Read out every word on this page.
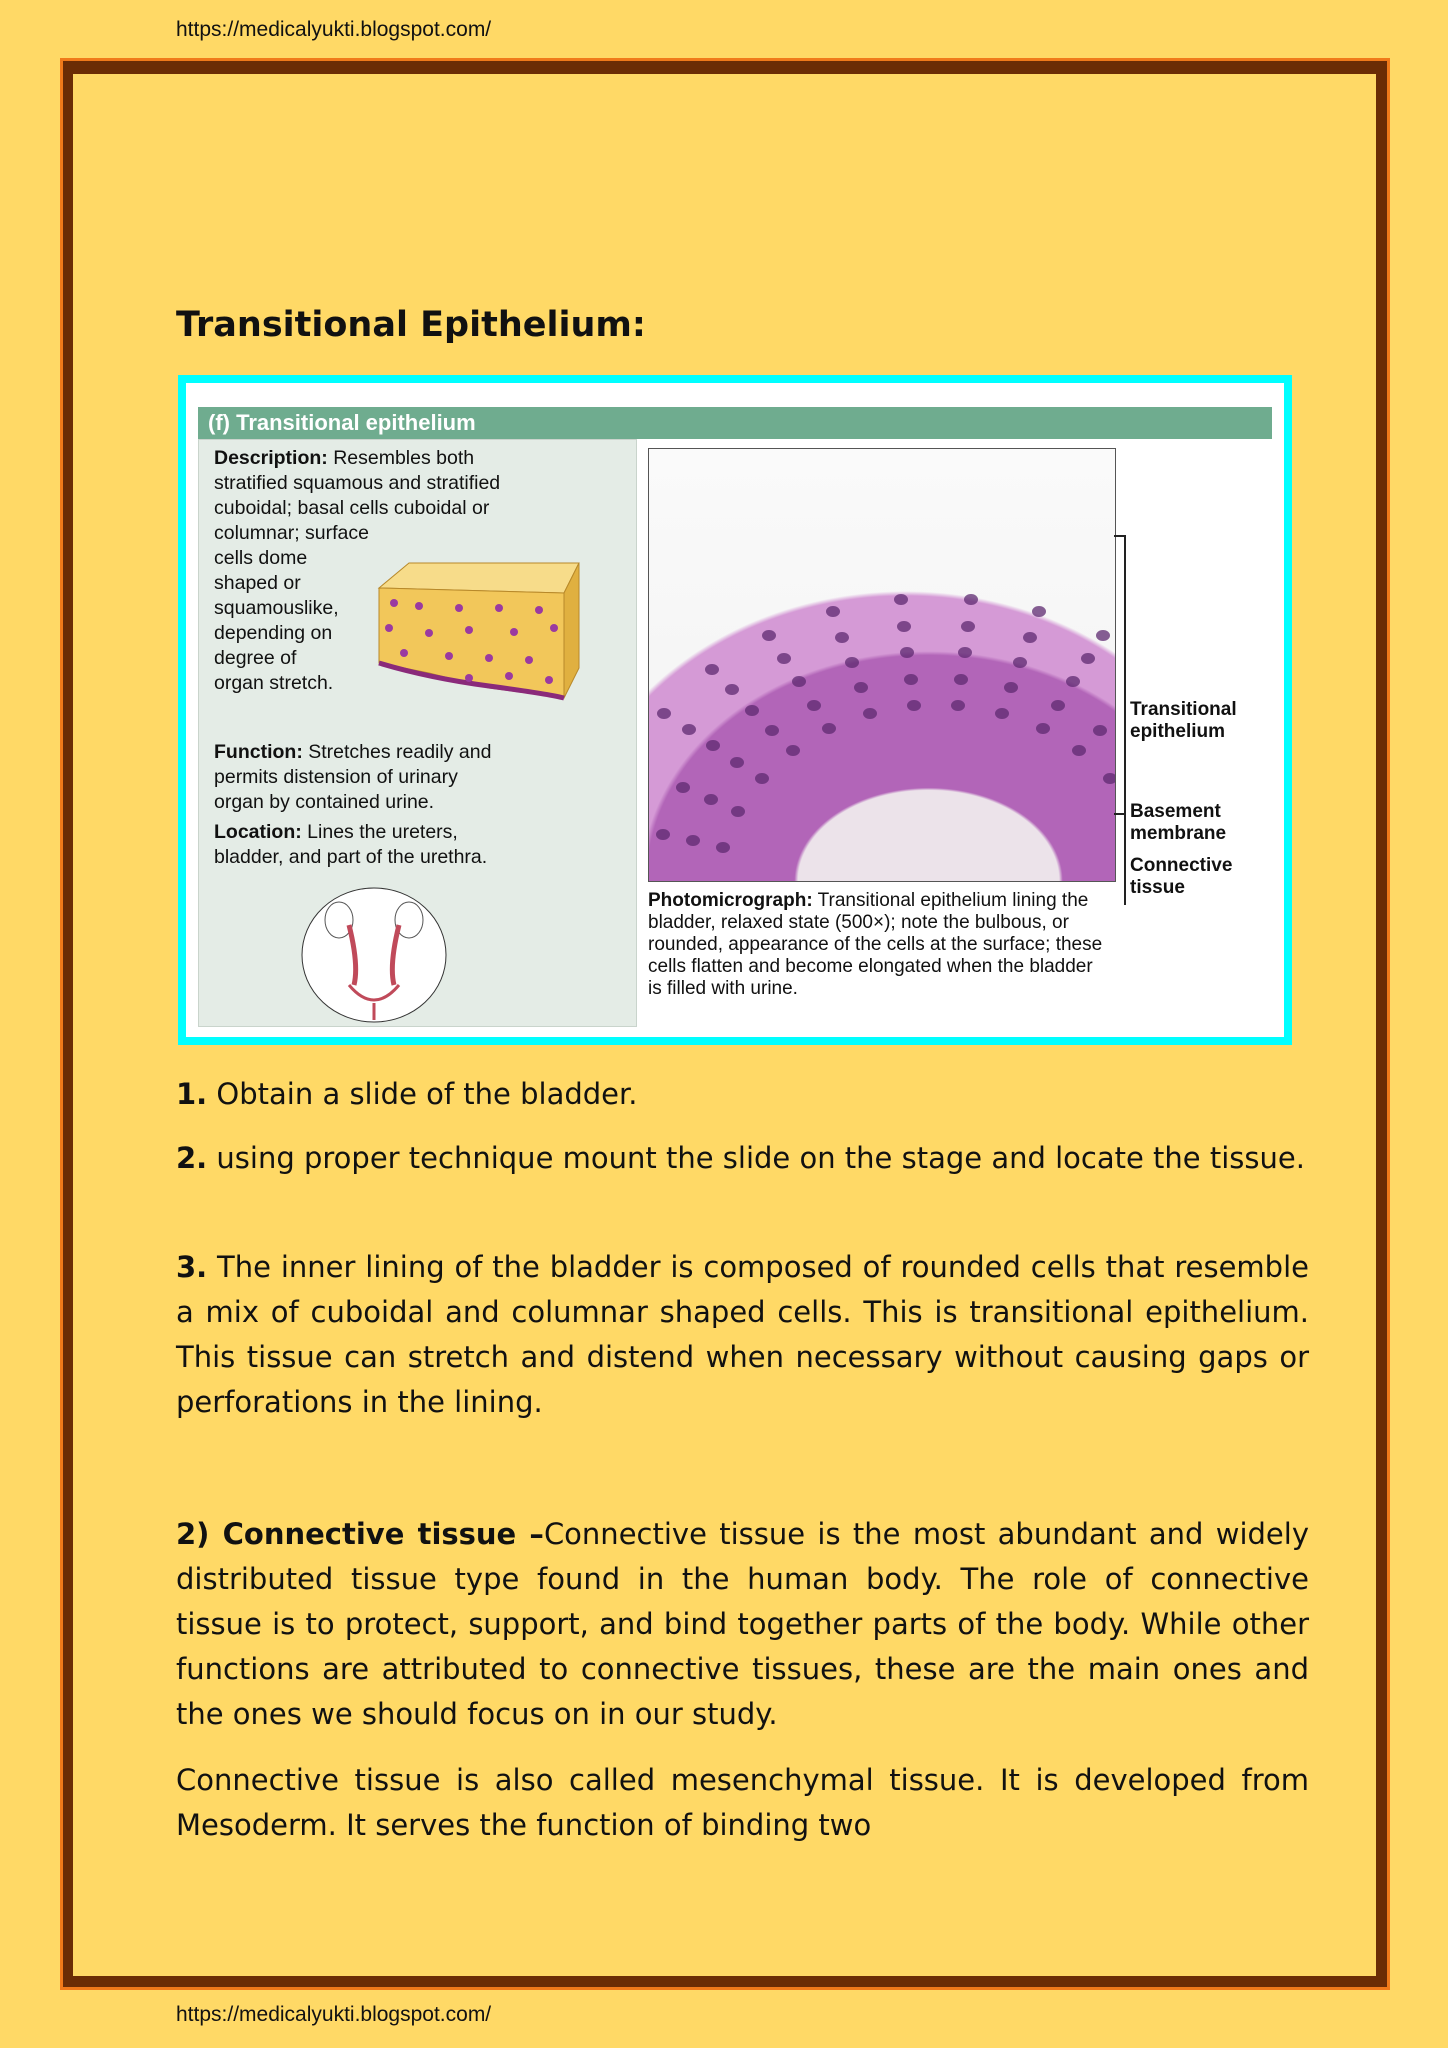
https://medicalyukti.blogspot.com/
Transitional Epithelium:
(f) Transitional epithelium
Description: Resembles both
stratified squamous and stratified
cuboidal; basal cells cuboidal or
columnar; surface
cells dome
shaped or
squamouslike,
depending on
degree of
organ stretch.
Function: Stretches readily and
permits distension of urinary
organ by contained urine.
Location: Lines the ureters,
bladder, and part of the urethra.
Transitional
epithelium
Basement
membrane
Connective
tissue
Photomicrograph: Transitional epithelium lining the
bladder, relaxed state (500×); note the bulbous, or
rounded, appearance of the cells at the surface; these
cells flatten and become elongated when the bladder
is filled with urine.

1. Obtain a slide of the bladder.

2. using proper technique mount the slide on the stage and locate the tissue.

3. The inner lining of the bladder is composed of rounded cells that resemble a mix of cuboidal and columnar shaped cells. This is transitional epithelium. This tissue can stretch and distend when necessary without causing gaps or perforations in the lining.

2) Connective tissue –Connective tissue is the most abundant and widely distributed tissue type found in the human body. The role of connective tissue is to protect, support, and bind together parts of the body. While other functions are attributed to connective tissues, these are the main ones and the ones we should focus on in our study.

Connective tissue is also called mesenchymal tissue. It is developed from Mesoderm. It serves the function of binding two

https://medicalyukti.blogspot.com/
